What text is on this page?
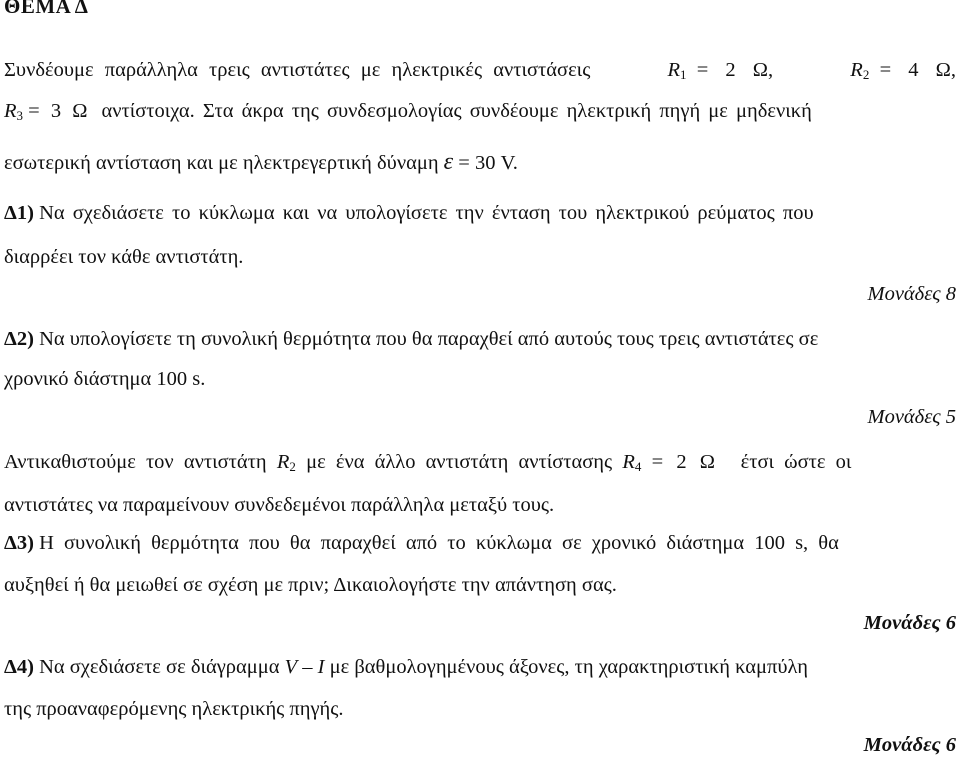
ΘΕΜΑ Δ
Συνδέουμε παράλληλα τρεις αντιστάτες με ηλεκτρικές αντιστάσεις	$R_1 = 2$ Ω,	$R_2 = 4$ Ω,
$R_3 = 3$ Ω αντίστοιχα. Στα άκρα της συνδεσμολογίας συνδέουμε ηλεκτρική πηγή με μηδενική
εσωτερική αντίσταση και με ηλεκτρεγερτική δύναμη ε = 30 V.
Δ1) Να σχεδιάσετε το κύκλωμα και να υπολογίσετε την ένταση του ηλεκτρικού ρεύματος που
διαρρέει τον κάθε αντιστάτη.
Μονάδες 8
Δ2) Να υπολογίσετε τη συνολική θερμότητα που θα παραχθεί από αυτούς τους τρεις αντιστάτες σε
χρονικό διάστημα 100 s.
Μονάδες 5
Αντικαθιστούμε τον αντιστάτη $R_2$ με ένα άλλο αντιστάτη αντίστασης $R_4 = 2$ Ω έτσι ώστε οι
αντιστάτες να παραμείνουν συνδεδεμένοι παράλληλα μεταξύ τους.
Δ3) Η συνολική θερμότητα που θα παραχθεί από το κύκλωμα σε χρονικό διάστημα 100 s, θα
αυξηθεί ή θα μειωθεί σε σχέση με πριν; Δικαιολογήστε την απάντηση σας.
Μονάδες 6
Δ4) Να σχεδιάσετε σε διάγραμμα V – I με βαθμολογημένους άξονες, τη χαρακτηριστική καμπύλη
της προαναφερόμενης ηλεκτρικής πηγής.
Μονάδες 6
